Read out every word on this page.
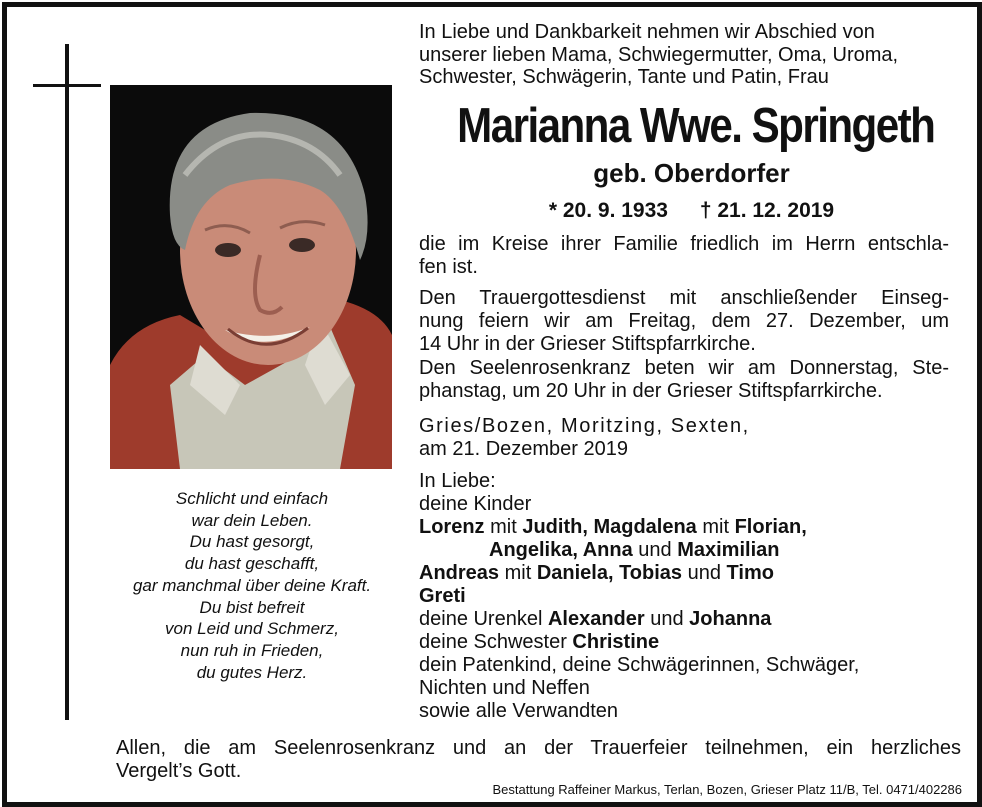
Schlicht und einfach
war dein Leben.
Du hast gesorgt,
du hast geschafft,
gar manchmal über deine Kraft.
Du bist befreit
von Leid und Schmerz,
nun ruh in Frieden,
du gutes Herz.
In Liebe und Dankbarkeit nehmen wir Abschied von
unserer lieben Mama, Schwiegermutter, Oma, Uroma,
Schwester, Schwägerin, Tante und Patin, Frau
Marianna Wwe. Springeth
geb. Oberdorfer
* 20. 9. 1933 † 21. 12. 2019
die im Kreise ihrer Familie friedlich im Herrn entschla-
fen ist.
Den Trauergottesdienst mit anschließender Einseg-
nung feiern wir am Freitag, dem 27. Dezember, um
14 Uhr in der Grieser Stiftspfarrkirche.
Den Seelenrosenkranz beten wir am Donnerstag, Ste-
phanstag, um 20 Uhr in der Grieser Stiftspfarrkirche.
Gries/Bozen, Moritzing, Sexten,
am 21. Dezember 2019
In Liebe:
deine Kinder
Lorenz mit Judith, Magdalena mit Florian,
Angelika, Anna und Maximilian
Andreas mit Daniela, Tobias und Timo
Greti
deine Urenkel Alexander und Johanna
deine Schwester Christine
dein Patenkind, deine Schwägerinnen, Schwäger,
Nichten und Neffen
sowie alle Verwandten
Allen, die am Seelenrosenkranz und an der Trauerfeier teilnehmen, ein herzliches
Vergelt’s Gott.
Bestattung Raffeiner Markus, Terlan, Bozen, Grieser Platz 11/B, Tel. 0471/402286
